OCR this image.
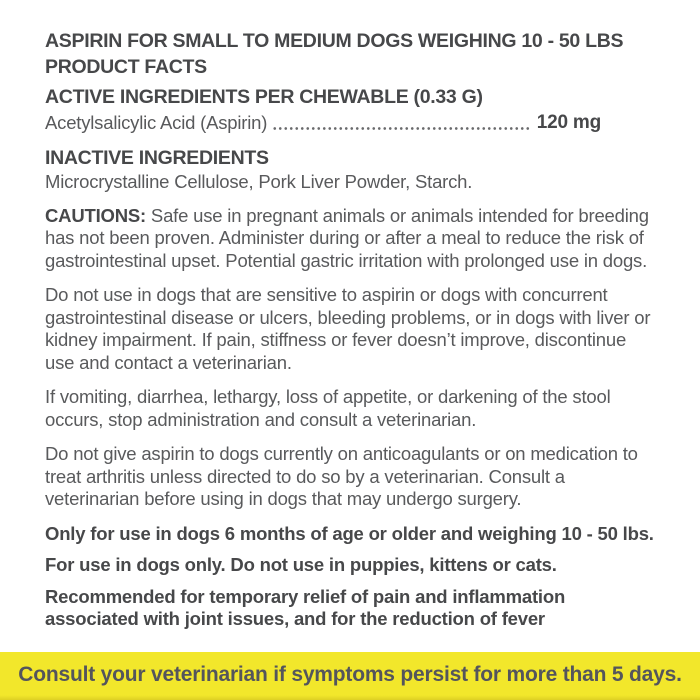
ASPIRIN FOR SMALL TO MEDIUM DOGS WEIGHING 10 - 50 LBS
PRODUCT FACTS
ACTIVE INGREDIENTS PER CHEWABLE (0.33 G)
Acetylsalicylic Acid (Aspirin)	120 mg
INACTIVE INGREDIENTS
Microcrystalline Cellulose, Pork Liver Powder, Starch.

CAUTIONS: Safe use in pregnant animals or animals intended for breeding has not been proven. Administer during or after a meal to reduce the risk of gastrointestinal upset. Potential gastric irritation with prolonged use in dogs.

Do not use in dogs that are sensitive to aspirin or dogs with concurrent gastrointestinal disease or ulcers, bleeding problems, or in dogs with liver or kidney impairment. If pain, stiffness or fever doesn’t improve, discontinue use and contact a veterinarian.

If vomiting, diarrhea, lethargy, loss of appetite, or darkening of the stool occurs, stop administration and consult a veterinarian.

Do not give aspirin to dogs currently on anticoagulants or on medication to treat arthritis unless directed to do so by a veterinarian. Consult a veterinarian before using in dogs that may undergo surgery.

Only for use in dogs 6 months of age or older and weighing 10 - 50 lbs.

For use in dogs only. Do not use in puppies, kittens or cats.

Recommended for temporary relief of pain and inflammation associated with joint issues, and for the reduction of fever

Consult your veterinarian if symptoms persist for more than 5 days.
